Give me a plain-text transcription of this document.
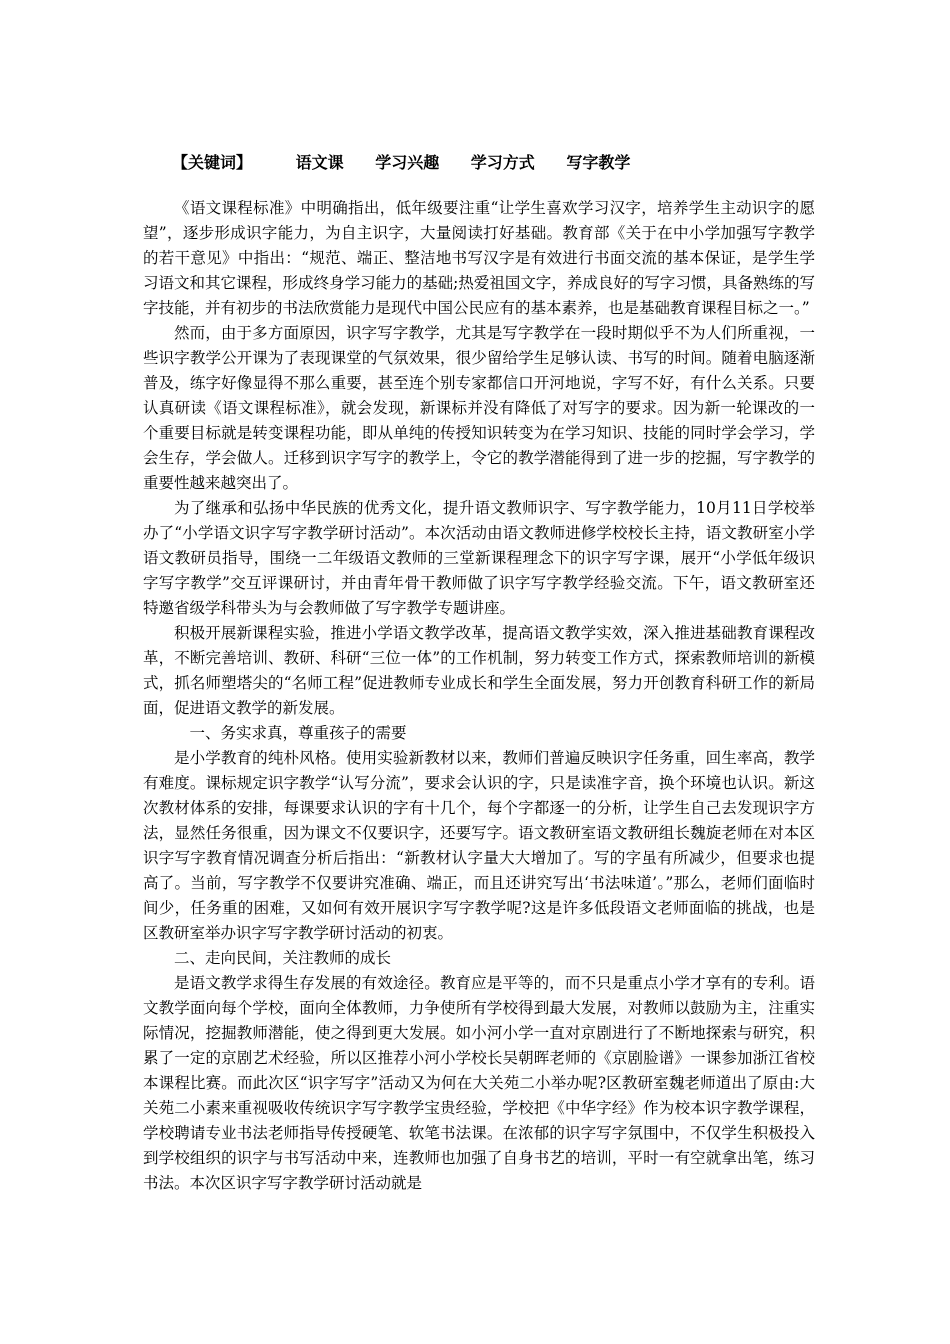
【关键词】	语文课 学习兴趣 学习方式 写字教学

《语文课程标准》中明确指出，低年级要注重“让学生喜欢学习汉字，培养学生主动识字的愿望”，逐步形成识字能力，为自主识字，大量阅读打好基础。教育部《关于在中小学加强写字教学的若干意见》中指出：“规范、端正、整洁地书写汉字是有效进行书面交流的基本保证，是学生学习语文和其它课程，形成终身学习能力的基础;热爱祖国文字，养成良好的写字习惯，具备熟练的写字技能，并有初步的书法欣赏能力是现代中国公民应有的基本素养，也是基础教育课程目标之一。”

然而，由于多方面原因，识字写字教学，尤其是写字教学在一段时期似乎不为人们所重视，一些识字教学公开课为了表现课堂的气氛效果，很少留给学生足够认读、书写的时间。随着电脑逐渐普及，练字好像显得不那么重要，甚至连个别专家都信口开河地说，字写不好，有什么关系。只要认真研读《语文课程标准》，就会发现，新课标并没有降低了对写字的要求。因为新一轮课改的一个重要目标就是转变课程功能，即从单纯的传授知识转变为在学习知识、技能的同时学会学习，学会生存，学会做人。迁移到识字写字的教学上，令它的教学潜能得到了进一步的挖掘，写字教学的重要性越来越突出了。

为了继承和弘扬中华民族的优秀文化，提升语文教师识字、写字教学能力，10月11日学校举办了“小学语文识字写字教学研讨活动”。本次活动由语文教师进修学校校长主持，语文教研室小学语文教研员指导，围绕一二年级语文教师的三堂新课程理念下的识字写字课，展开“小学低年级识字写字教学”交互评课研讨，并由青年骨干教师做了识字写字教学经验交流。下午，语文教研室还特邀省级学科带头为与会教师做了写字教学专题讲座。

积极开展新课程实验，推进小学语文教学改革，提高语文教学实效，深入推进基础教育课程改革，不断完善培训、教研、科研“三位一体”的工作机制，努力转变工作方式，探索教师培训的新模式，抓名师塑塔尖的“名师工程”促进教师专业成长和学生全面发展，努力开创教育科研工作的新局面，促进语文教学的新发展。

一、务实求真，尊重孩子的需要

是小学教育的纯朴风格。使用实验新教材以来，教师们普遍反映识字任务重，回生率高，教学有难度。课标规定识字教学“认写分流”，要求会认识的字，只是读准字音，换个环境也认识。新这次教材体系的安排，每课要求认识的字有十几个，每个字都逐一的分析，让学生自己去发现识字方法，显然任务很重，因为课文不仅要识字，还要写字。语文教研室语文教研组长魏旋老师在对本区识字写字教育情况调查分析后指出：“新教材认字量大大增加了。写的字虽有所减少，但要求也提高了。当前，写字教学不仅要讲究准确、端正，而且还讲究写出‘书法味道’。”那么，老师们面临时间少，任务重的困难，又如何有效开展识字写字教学呢?这是许多低段语文老师面临的挑战，也是区教研室举办识字写字教学研讨活动的初衷。

二、走向民间，关注教师的成长

是语文教学求得生存发展的有效途径。教育应是平等的，而不只是重点小学才享有的专利。语文教学面向每个学校，面向全体教师，力争使所有学校得到最大发展，对教师以鼓励为主，注重实际情况，挖掘教师潜能，使之得到更大发展。如小河小学一直对京剧进行了不断地探索与研究，积累了一定的京剧艺术经验，所以区推荐小河小学校长吴朝晖老师的《京剧脸谱》一课参加浙江省校本课程比赛。而此次区“识字写字”活动又为何在大关苑二小举办呢?区教研室魏老师道出了原由:大关苑二小素来重视吸收传统识字写字教学宝贵经验，学校把《中华字经》作为校本识字教学课程，学校聘请专业书法老师指导传授硬笔、软笔书法课。在浓郁的识字写字氛围中，不仅学生积极投入到学校组织的识字与书写活动中来，连教师也加强了自身书艺的培训，平时一有空就拿出笔，练习书法。本次区识字写字教学研讨活动就是
